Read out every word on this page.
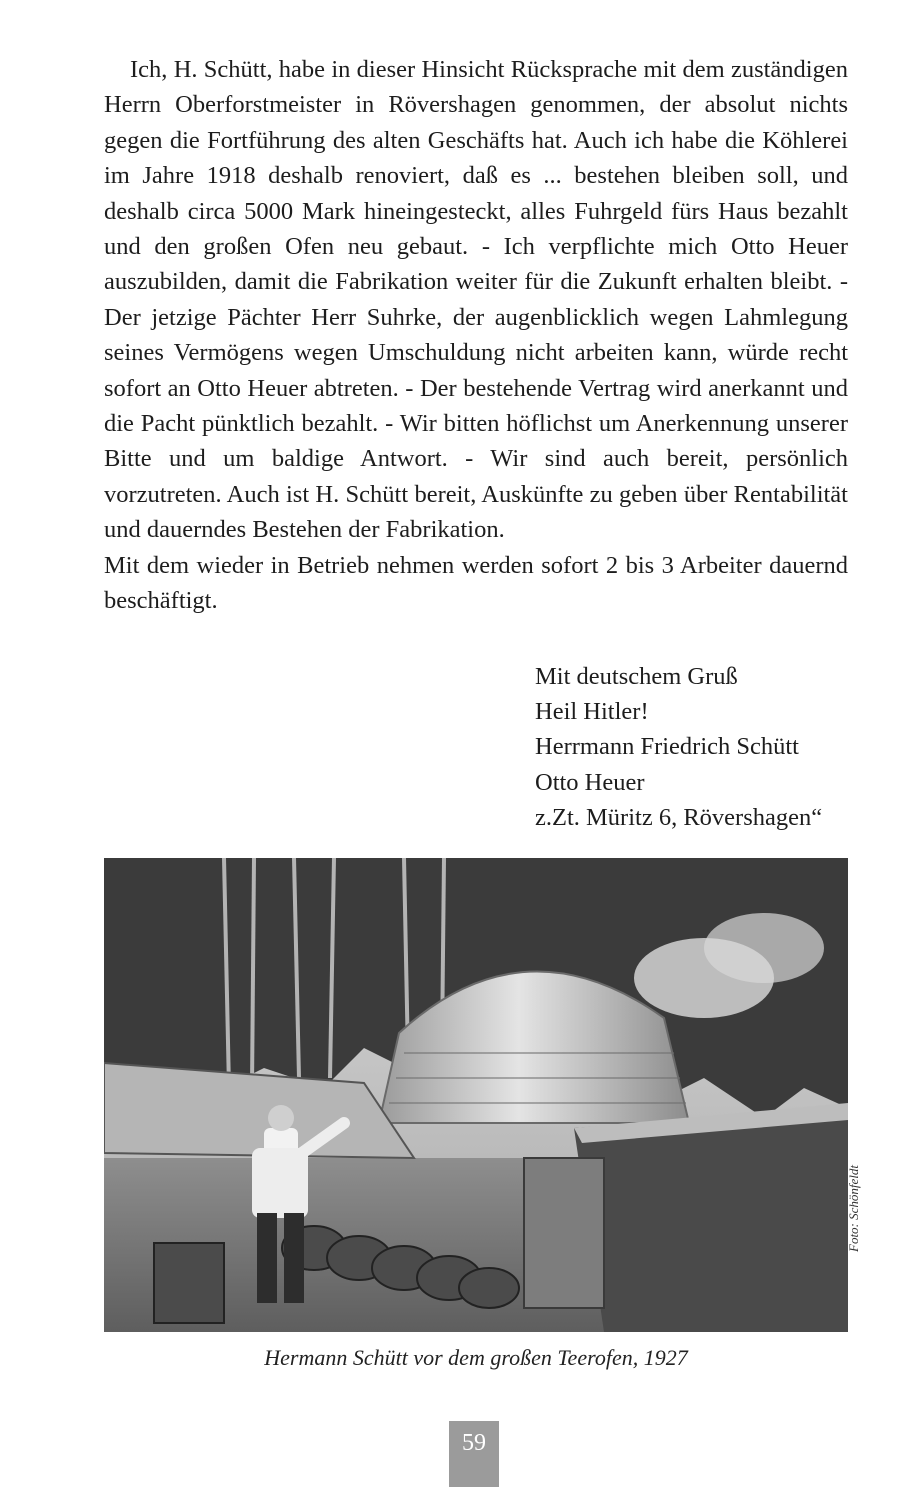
Ich, H. Schütt, habe in dieser Hinsicht Rücksprache mit dem zuständigen Herrn Oberforstmeister in Rövershagen genommen, der absolut nichts gegen die Fortführung des alten Geschäfts hat. Auch ich habe die Köhlerei im Jahre 1918 deshalb renoviert, daß es ... bestehen bleiben soll, und deshalb circa 5000 Mark hineingesteckt, alles Fuhrgeld fürs Haus bezahlt und den großen Ofen neu gebaut. - Ich verpflichte mich Otto Heuer auszubilden, damit die Fabrikation weiter für die Zukunft erhalten bleibt. - Der jetzige Pächter Herr Suhrke, der augenblicklich wegen Lahmlegung seines Vermögens wegen Umschuldung nicht arbeiten kann, würde recht sofort an Otto Heuer abtreten. - Der bestehende Vertrag wird anerkannt und die Pacht pünktlich bezahlt. - Wir bitten höflichst um Anerkennung unserer Bitte und um baldige Antwort. - Wir sind auch bereit, persönlich vorzutreten. Auch ist H. Schütt bereit, Auskünfte zu geben über Rentabilität und dauerndes Bestehen der Fabrikation.

Mit dem wieder in Betrieb nehmen werden sofort 2 bis 3 Arbeiter dauernd beschäftigt.

Mit deutschem Gruß
Heil Hitler!
Herrmann Friedrich Schütt
Otto Heuer
z.Zt. Müritz 6, Rövershagen“
Foto: Schönfeldt
Hermann Schütt vor dem großen Teerofen, 1927
59
